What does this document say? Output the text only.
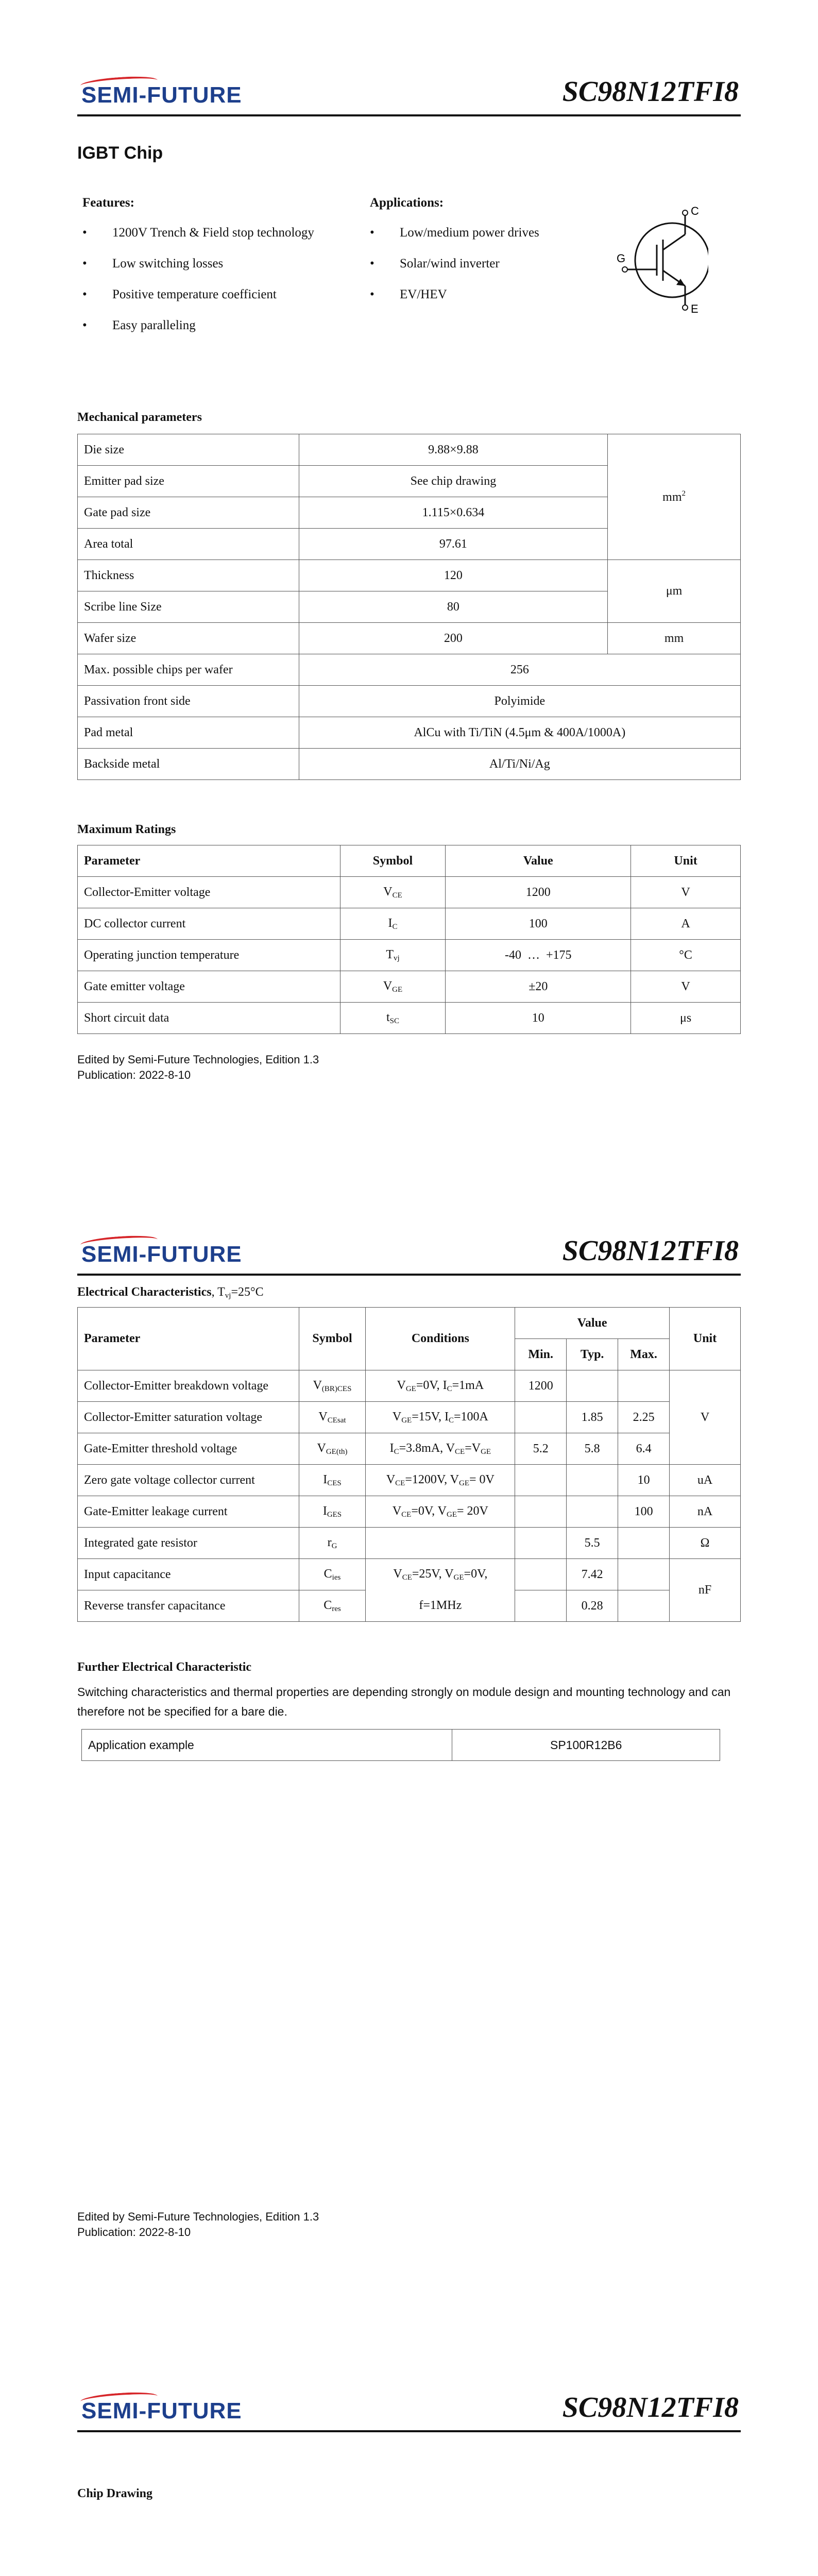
SEMI-FUTURE	SC98N12TFI8
IGBT Chip
Features:
• 1200V Trench & Field stop technology
• Low switching losses
• Positive temperature coefficient
• Easy paralleling
Applications:
• Low/medium power drives
• Solar/wind inverter
• EV/HEV
C
G
E
Mechanical parameters
Die size	9.88×9.88	$mm^2$
Emitter pad size	See chip drawing	
Gate pad size	1.115×0.634	
Area total	97.61	
Thickness	120	μm
Scribe line Size	80	
Wafer size	200	mm
Max. possible chips per wafer	256	
Passivation front side	Polyimide	
Pad metal	AlCu with Ti/TiN (4.5μm & 400A/1000A)	
Backside metal	Al/Ti/Ni/Ag	
Maximum Ratings
Parameter	Symbol	Value	Unit
Collector-Emitter voltage	$V_{CE}$	1200	V
DC collector current	$I_C$	100	A
Operating junction temperature	$T_{vj}$	-40  …  +175	°C
Gate emitter voltage	$V_{GE}$	±20	V
Short circuit data	$t_{SC}$	10	μs
Edited by Semi-Future Technologies, Edition 1.3
Publication: 2022-8-10
SEMI-FUTURE	SC98N12TFI8
Electrical Characteristics, $T_{vj}=25^\circ C$
Parameter	Symbol	Conditions	Value			Unit
			Min.	Typ.	Max.	
Collector-Emitter breakdown voltage	$V_{(BR)CES}$	$V_{GE}=0V$, $I_C=1mA$	1200			V
Collector-Emitter saturation voltage	$V_{CEsat}$	$V_{GE}=15V$, $I_C=100A$		1.85	2.25	
Gate-Emitter threshold voltage	$V_{GE(th)}$	$I_C=3.8mA$, $V_{CE}=V_{GE}$	5.2	5.8	6.4	
Zero gate voltage collector current	$I_{CES}$	$V_{CE}=1200V$, $V_{GE}= 0V$			10	uA
Gate-Emitter leakage current	$I_{GES}$	$V_{CE}=0V$, $V_{GE}= 20V$			100	nA
Integrated gate resistor	$r_G$			5.5		Ω
Input capacitance	$C_{ies}$	$V_{CE}=25V$, $V_{GE}=0V$,		7.42		nF
Reverse transfer capacitance	$C_{res}$	f=1MHz		0.28		
Further Electrical Characteristic
Switching characteristics and thermal properties are depending strongly on module design and mounting technology and can therefore not be specified for a bare die.
Application example	SP100R12B6
Edited by Semi-Future Technologies, Edition 1.3
Publication: 2022-8-10
SEMI-FUTURE	SC98N12TFI8
Chip Drawing
